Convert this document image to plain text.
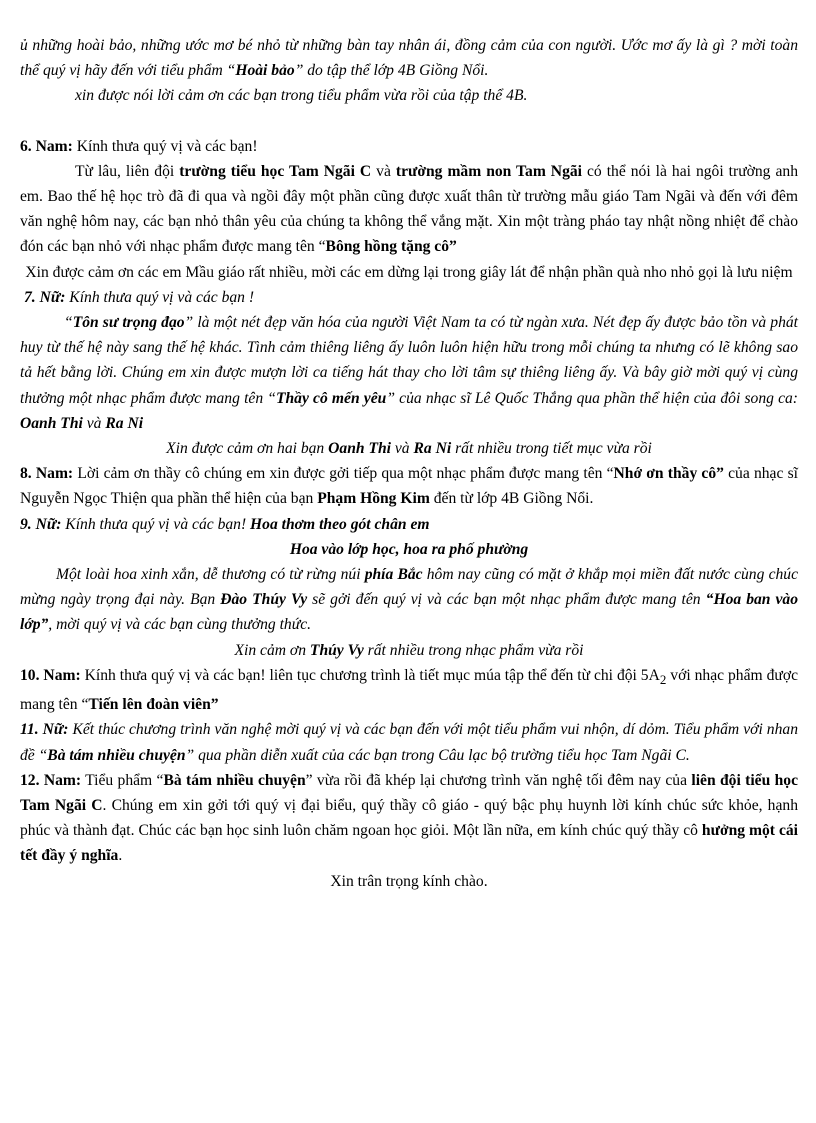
ủ những hoài bảo, những ước mơ bé nhỏ từ những bàn tay nhân ái, đồng cảm của con người. Ước mơ ấy là gì ? mời toàn thể quý vị hãy đến với tiểu phẩm “Hoài bảo” do tập thể lớp 4B Giồng Nổi.

xin được nói lời cảm ơn các bạn trong tiểu phẩm vừa rồi của tập thể 4B.

6. Nam: Kính thưa quý vị và các bạn!

Từ lâu, liên đội trường tiểu học Tam Ngãi C và trường mầm non Tam Ngãi có thể nói là hai ngôi trường anh em. Bao thế hệ học trò đã đi qua và ngồi đây một phần cũng được xuất thân từ trường mẫu giáo Tam Ngãi và đến với đêm văn nghệ hôm nay, các bạn nhỏ thân yêu của chúng ta không thể vắng mặt. Xin một tràng pháo tay nhật nồng nhiệt để chào đón các bạn nhỏ với nhạc phẩm được mang tên “Bông hồng tặng cô”

Xin được cảm ơn các em Mầu giáo rất nhiều, mời các em dừng lại trong giây lát để nhận phần quà nho nhỏ gọi là lưu niệm

7. Nữ: Kính thưa quý vị và các bạn !

“Tôn sư trọng đạo” là một nét đẹp văn hóa của người Việt Nam ta có từ ngàn xưa. Nét đẹp ấy được bảo tồn và phát huy từ thế hệ này sang thế hệ khác. Tình cảm thiêng liêng ấy luôn luôn hiện hữu trong mỗi chúng ta nhưng có lẽ không sao tả hết bằng lời. Chúng em xin được mượn lời ca tiếng hát thay cho lời tâm sự thiêng liêng ấy. Và bây giờ mời quý vị cùng thưởng một nhạc phẩm được mang tên “Thầy cô mến yêu” của nhạc sĩ Lê Quốc Thắng qua phần thể hiện của đôi song ca: Oanh Thi và Ra Ni

Xin được cảm ơn hai bạn Oanh Thi và Ra Ni rất nhiều trong tiết mục vừa rồi

8. Nam: Lời cảm ơn thầy cô chúng em xin được gởi tiếp qua một nhạc phẩm được mang tên “Nhớ ơn thầy cô” của nhạc sĩ Nguyễn Ngọc Thiện qua phần thể hiện của bạn Phạm Hồng Kim đến từ lớp 4B Giồng Nổi.

9. Nữ: Kính thưa quý vị và các bạn! Hoa thơm theo gót chân em

Hoa vào lớp học, hoa ra phố phường

Một loài hoa xinh xắn, dễ thương có từ rừng núi phía Bắc hôm nay cũng có mặt ở khắp mọi miền đất nước cùng chúc mừng ngày trọng đại này. Bạn Đào Thúy Vy sẽ gởi đến quý vị và các bạn một nhạc phẩm được mang tên “Hoa ban vào lớp”, mời quý vị và các bạn cùng thưởng thức.

Xin cảm ơn Thúy Vy rất nhiều trong nhạc phẩm vừa rồi

10. Nam: Kính thưa quý vị và các bạn! liên tục chương trình là tiết mục múa tập thể đến từ chi đội $5A_2$ với nhạc phẩm được mang tên “Tiến lên đoàn viên”

11. Nữ: Kết thúc chương trình văn nghệ mời quý vị và các bạn đến với một tiểu phẩm vui nhộn, dí dỏm. Tiểu phẩm với nhan đề “Bà tám nhiều chuyện” qua phần diễn xuất của các bạn trong Câu lạc bộ trường tiểu học Tam Ngãi C.

12. Nam: Tiểu phẩm “Bà tám nhiều chuyện” vừa rồi đã khép lại chương trình văn nghệ tối đêm nay của liên đội tiểu học Tam Ngãi C. Chúng em xin gởi tới quý vị đại biểu, quý thầy cô giáo - quý bậc phụ huynh lời kính chúc sức khỏe, hạnh phúc và thành đạt. Chúc các bạn học sinh luôn chăm ngoan học giỏi. Một lần nữa, em kính chúc quý thầy cô hưởng một cái tết đầy ý nghĩa.

Xin trân trọng kính chào.
